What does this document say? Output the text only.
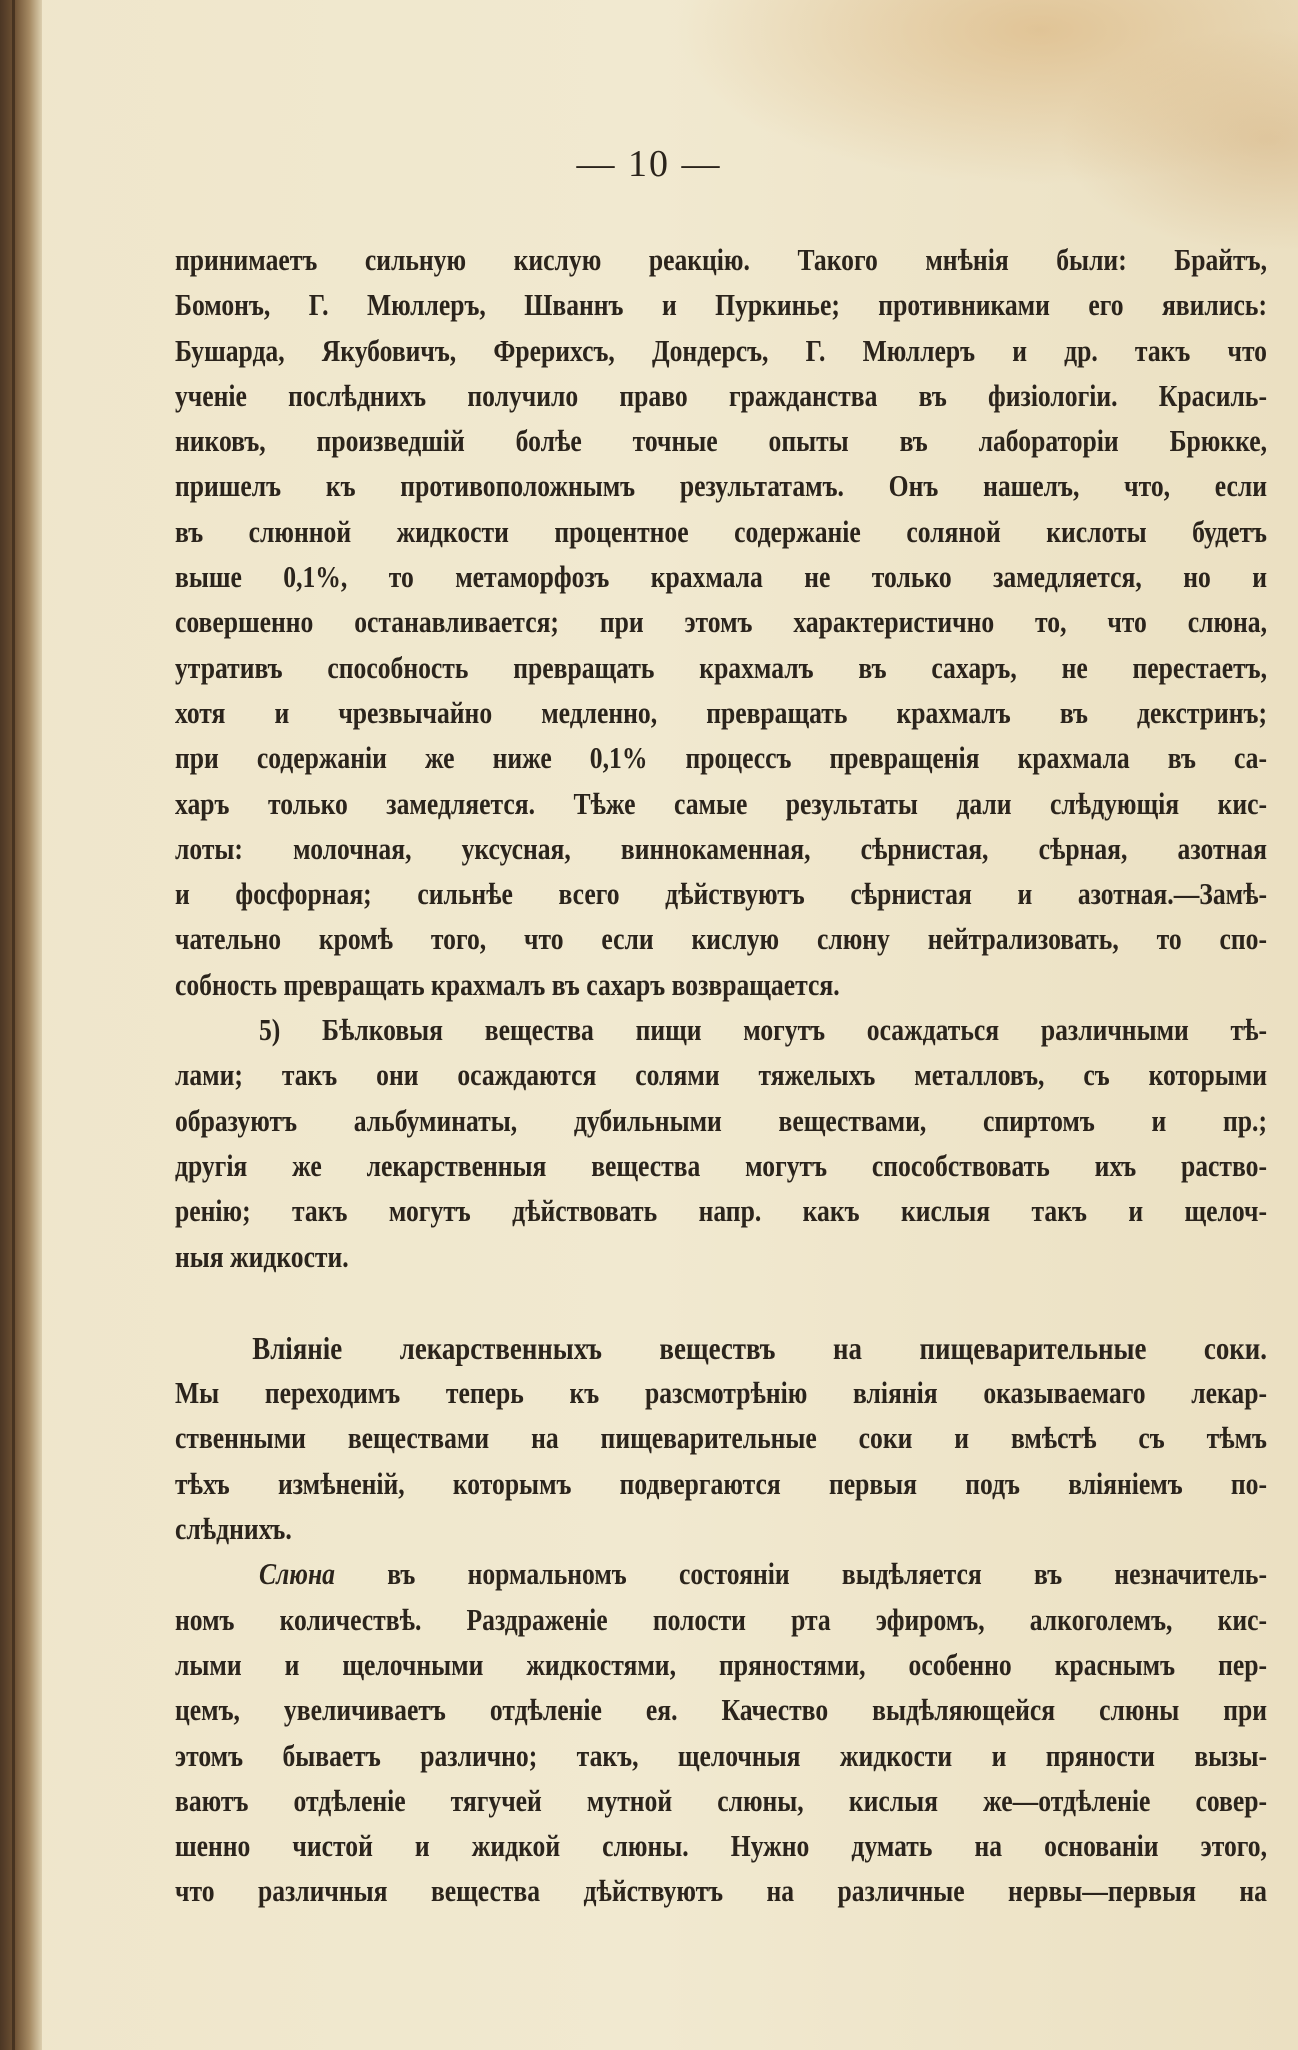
— 10 —
принимаетъ сильную кислую реакцію. Такого мнѣнія были: Брайтъ,
Бомонъ, Г. Мюллеръ, Шваннъ и Пуркинье; противниками его явились:
Бушарда, Якубовичъ, Фрерихсъ, Дондерсъ, Г. Мюллеръ и др. такъ что
ученіе послѣднихъ получило право гражданства въ физіологіи. Красиль-
никовъ, произведшій болѣе точные опыты въ лабораторіи Брюкке,
пришелъ къ противоположнымъ результатамъ. Онъ нашелъ, что, если
въ слюнной жидкости процентное содержаніе соляной кислоты будетъ
выше 0,1%, то метаморфозъ крахмала не только замедляется, но и
совершенно останавливается; при этомъ характеристично то, что слюна,
утративъ способность превращать крахмалъ въ сахаръ, не перестаетъ,
хотя и чрезвычайно медленно, превращать крахмалъ въ декстринъ;
при содержаніи же ниже 0,1% процессъ превращенія крахмала въ са-
харъ только замедляется. Тѣже самые результаты дали слѣдующія кис-
лоты: молочная, уксусная, виннокаменная, сѣрнистая, сѣрная, азотная
и фосфорная; сильнѣе всего дѣйствуютъ сѣрнистая и азотная.—Замѣ-
чательно кромѣ того, что если кислую слюну нейтрализовать, то спо-
собность превращать крахмалъ въ сахаръ возвращается.
5) Бѣлковыя вещества пищи могутъ осаждаться различными тѣ-
лами; такъ они осаждаются солями тяжелыхъ металловъ, съ которыми
образуютъ альбуминаты, дубильными веществами, спиртомъ и пр.;
другія же лекарственныя вещества могутъ способствовать ихъ раство-
ренію; такъ могутъ дѣйствовать напр. какъ кислыя такъ и щелоч-
ныя жидкости.
Вліяніе лекарственныхъ веществъ на пищеварительные соки.
Мы переходимъ теперь къ разсмотрѣнію вліянія оказываемаго лекар-
ственными веществами на пищеварительные соки и вмѣстѣ съ тѣмъ
тѣхъ измѣненій, которымъ подвергаются первыя подъ вліяніемъ по-
слѣднихъ.
Слюна въ нормальномъ состояніи выдѣляется въ незначитель-
номъ количествѣ. Раздраженіе полости рта эфиромъ, алкоголемъ, кис-
лыми и щелочными жидкостями, пряностями, особенно краснымъ пер-
цемъ, увеличиваетъ отдѣленіе ея. Качество выдѣляющейся слюны при
этомъ бываетъ различно; такъ, щелочныя жидкости и пряности вызы-
ваютъ отдѣленіе тягучей мутной слюны, кислыя же—отдѣленіе совер-
шенно чистой и жидкой слюны. Нужно думать на основаніи этого,
что различныя вещества дѣйствуютъ на различные нервы—первыя на
